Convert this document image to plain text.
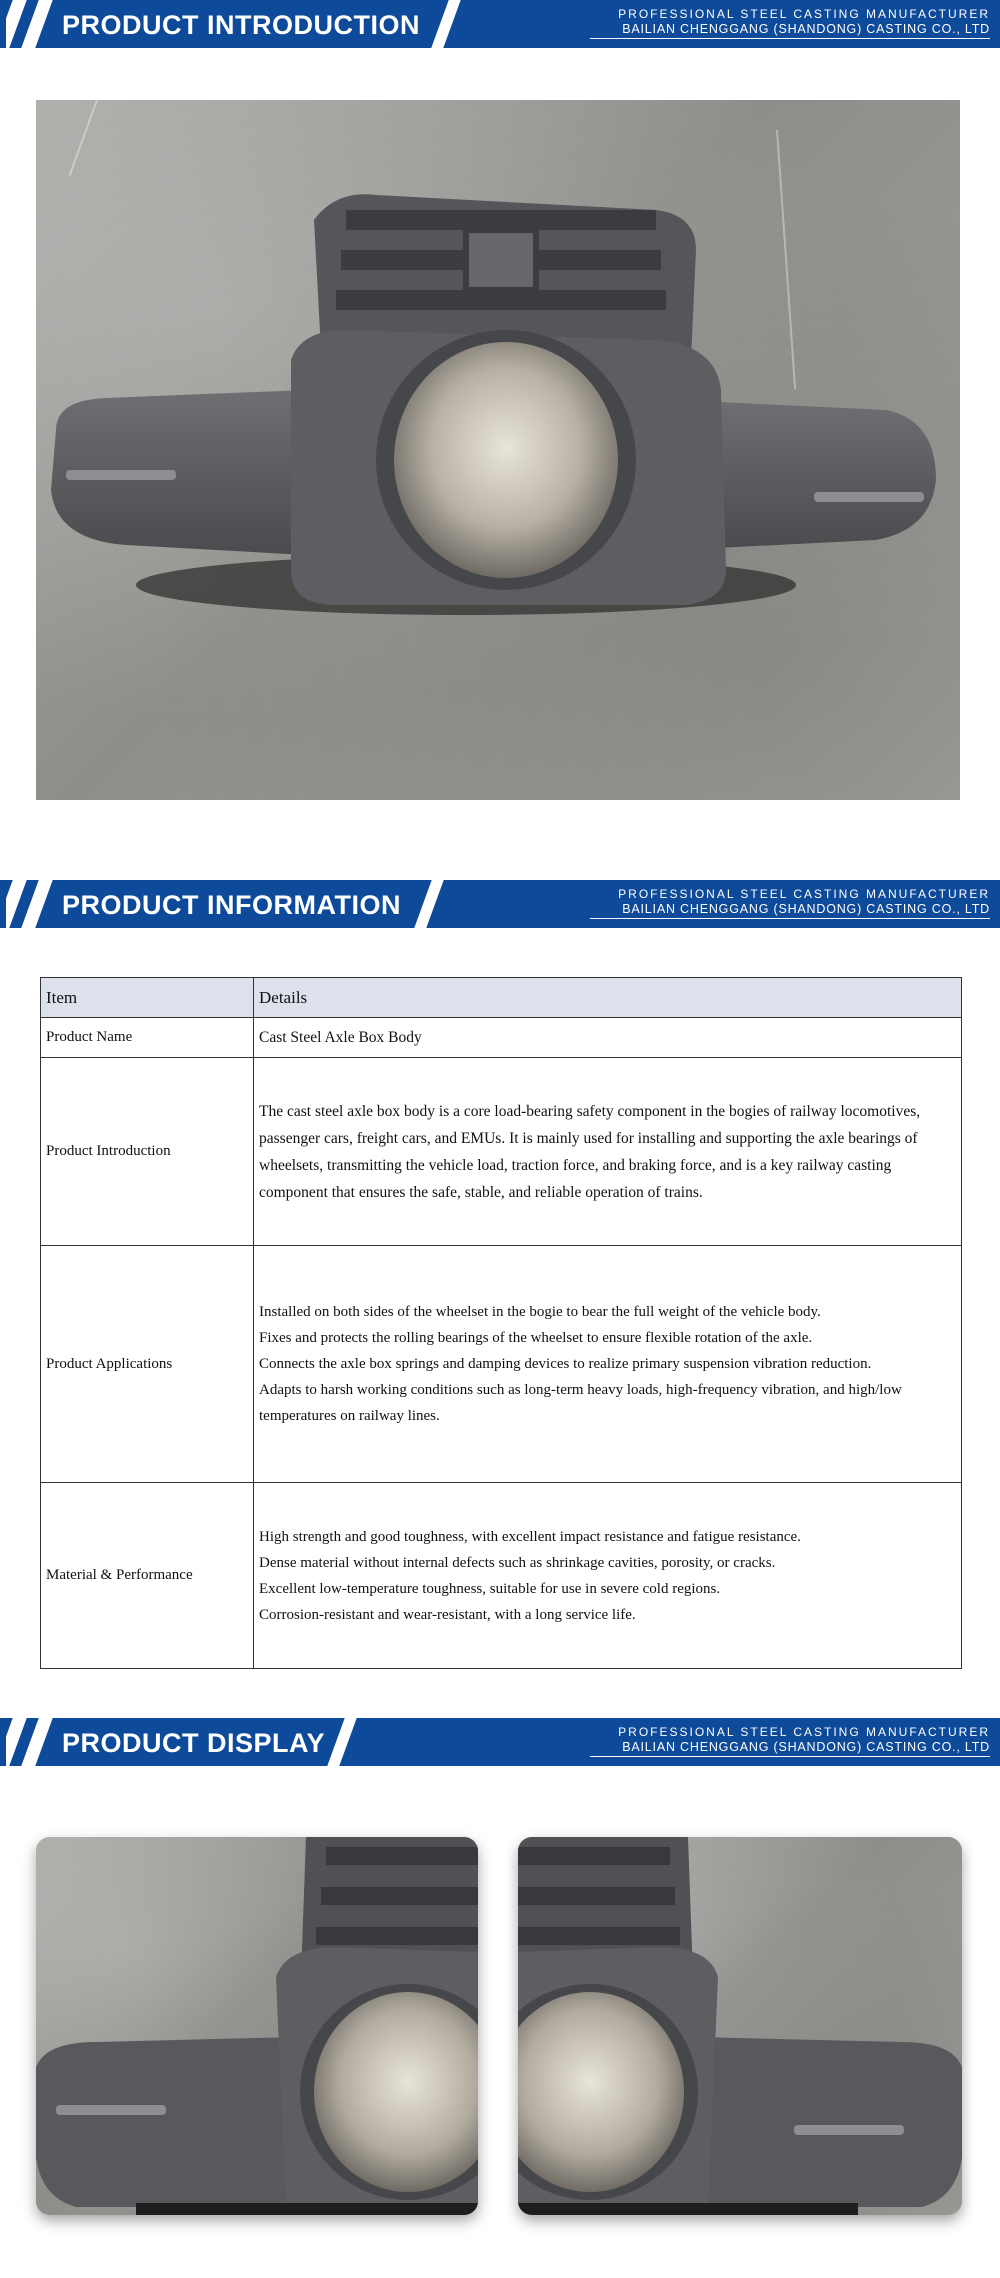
PRODUCT INTRODUCTION	PROFESSIONAL STEEL CASTING MANUFACTURER
BAILIAN CHENGGANG (SHANDONG) CASTING CO., LTD
PRODUCT INFORMATION	PROFESSIONAL STEEL CASTING MANUFACTURER
BAILIAN CHENGGANG (SHANDONG) CASTING CO., LTD
Item	Details
Product Name	Cast Steel Axle Box Body
Product Introduction	The cast steel axle box body is a core load-bearing safety component in the bogies of railway locomotives, passenger cars, freight cars, and EMUs. It is mainly used for installing and supporting the axle bearings of wheelsets, transmitting the vehicle load, traction force, and braking force, and is a key railway casting component that ensures the safe, stable, and reliable operation of trains.
Product Applications	Installed on both sides of the wheelset in the bogie to bear the full weight of the vehicle body.
Fixes and protects the rolling bearings of the wheelset to ensure flexible rotation of the axle.
Connects the axle box springs and damping devices to realize primary suspension vibration reduction.
Adapts to harsh working conditions such as long-term heavy loads, high-frequency vibration, and high/low temperatures on railway lines.

Material & Performance	High strength and good toughness, with excellent impact resistance and fatigue resistance.
Dense material without internal defects such as shrinkage cavities, porosity, or cracks.
Excellent low-temperature toughness, suitable for use in severe cold regions.
Corrosion-resistant and wear-resistant, with a long service life.
PRODUCT DISPLAY	PROFESSIONAL STEEL CASTING MANUFACTURER
BAILIAN CHENGGANG (SHANDONG) CASTING CO., LTD
